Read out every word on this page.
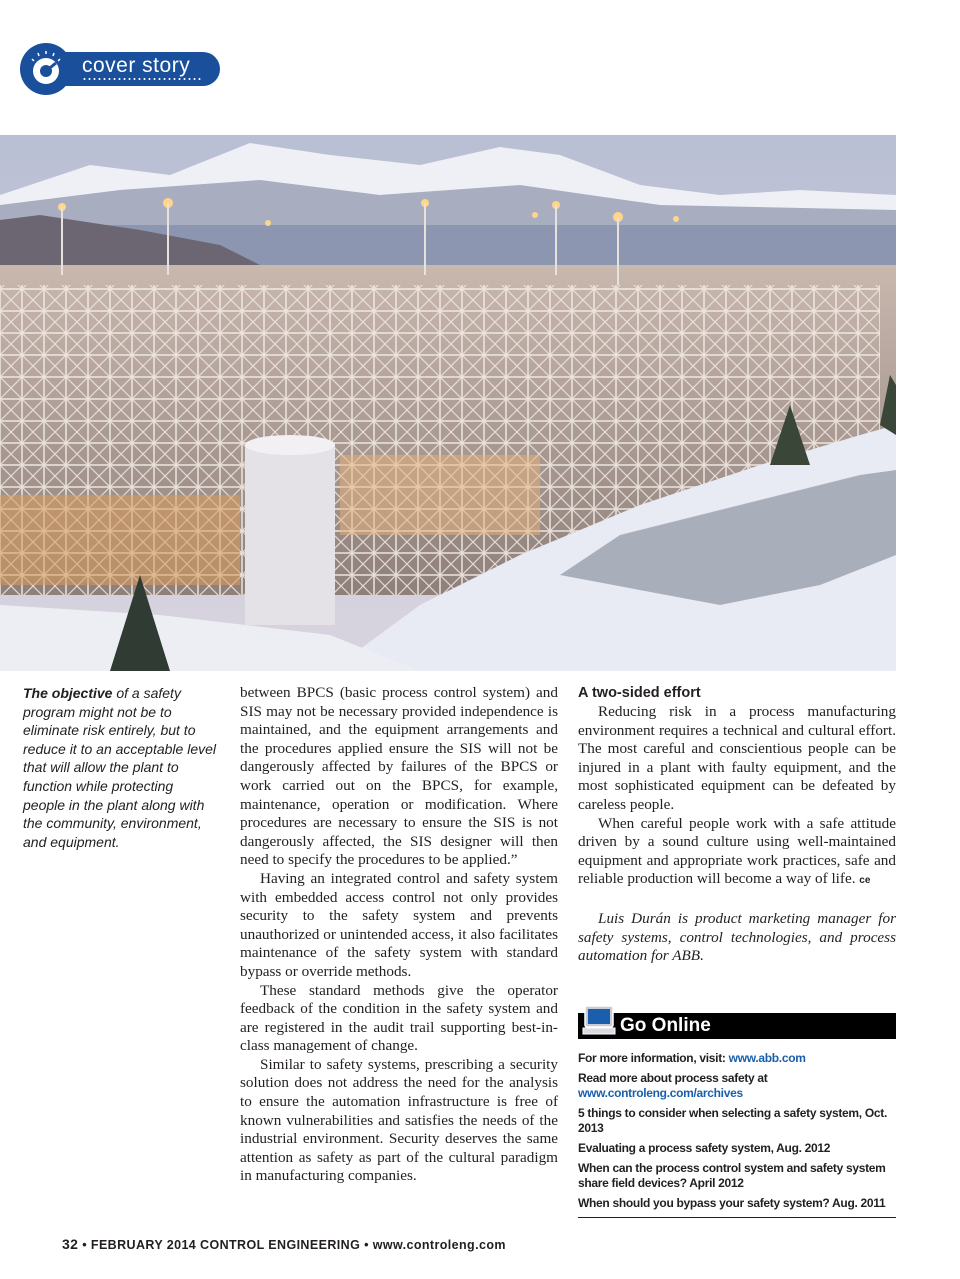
cover story
The objective of a safety program might not be to eliminate risk entirely, but to reduce it to an acceptable level that will allow the plant to function while protecting people in the plant along with the community, environment, and equipment.

between BPCS (basic process control system) and SIS may not be necessary provided independence is maintained, and the equipment arrangements and the procedures applied ensure the SIS will not be dangerously affected by failures of the BPCS or work carried out on the BPCS, for example, maintenance, operation or modification. Where procedures are necessary to ensure the SIS is not dangerously affected, the SIS designer will then need to specify the procedures to be applied.”

Having an integrated control and safety system with embedded access control not only provides security to the safety system and prevents unauthorized or unintended access, it also facilitates maintenance of the safety system with standard bypass or override methods.

These standard methods give the operator feedback of the condition in the safety system and are registered in the audit trail supporting best-in-class management of change.

Similar to safety systems, prescribing a security solution does not address the need for the analysis to ensure the automation infrastructure is free of known vulnerabilities and satisfies the needs of the industrial environment. Security deserves the same attention as safety as part of the cultural paradigm in manufacturing companies.

A two-sided effort

Reducing risk in a process manufacturing environment requires a technical and cultural effort. The most careful and conscientious people can be injured in a plant with faulty equipment, and the most sophisticated equipment can be defeated by careless people.

When careful people work with a safe attitude driven by a sound culture using well-maintained equipment and appropriate work practices, safe and reliable production will become a way of life. ce

Luis Durán is product marketing manager for safety systems, control technologies, and process automation for ABB.

Go Online
For more information, visit: www.abb.com
Read more about process safety at
www.controleng.com/archives
5 things to consider when selecting a safety system, Oct. 2013
Evaluating a process safety system, Aug. 2012
When can the process control system and safety system share field devices? April 2012
When should you bypass your safety system? Aug. 2011
32 • FEBRUARY 2014 CONTROL ENGINEERING • www.controleng.com
